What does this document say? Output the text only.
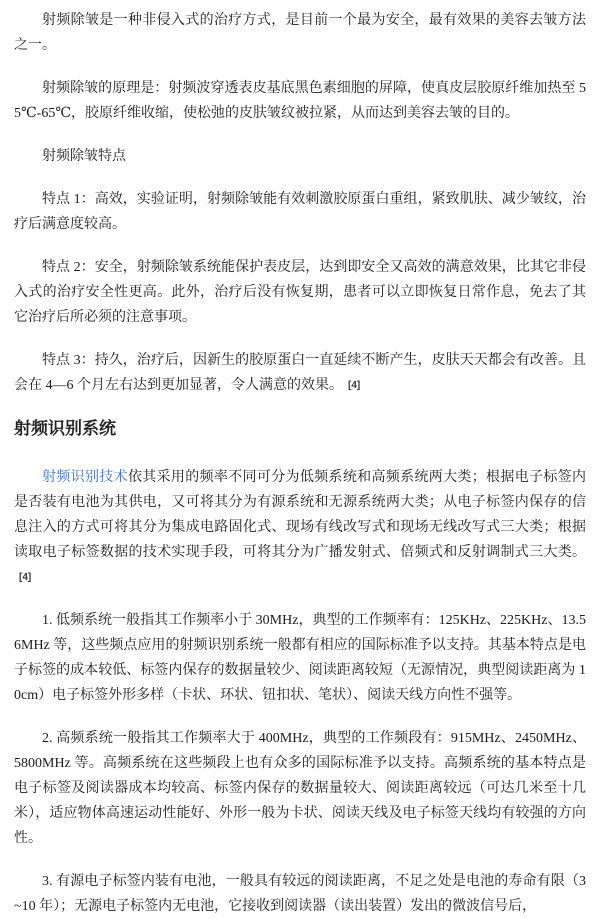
射频除皱是一种非侵入式的治疗方式，是目前一个最为安全，最有效果的美容去皱方法之一。

射频除皱的原理是：射频波穿透表皮基底黑色素细胞的屏障，使真皮层胶原纤维加热至 55℃-65℃，胶原纤维收缩，使松弛的皮肤皱纹被拉紧，从而达到美容去皱的目的。

射频除皱特点

特点 1：高效，实验证明，射频除皱能有效刺激胶原蛋白重组，紧致肌肤、减少皱纹，治疗后满意度较高。

特点 2：安全，射频除皱系统能保护表皮层，达到即安全又高效的满意效果，比其它非侵入式的治疗安全性更高。此外，治疗后没有恢复期，患者可以立即恢复日常作息，免去了其它治疗后所必须的注意事项。

特点 3：持久，治疗后，因新生的胶原蛋白一直延续不断产生，皮肤天天都会有改善。且会在 4—6 个月左右达到更加显著，令人满意的效果。 [4]

射频识别系统

射频识别技术依其采用的频率不同可分为低频系统和高频系统两大类；根据电子标签内是否装有电池为其供电，又可将其分为有源系统和无源系统两大类；从电子标签内保存的信息注入的方式可将其分为集成电路固化式、现场有线改写式和现场无线改写式三大类；根据读取电子标签数据的技术实现手段，可将其分为广播发射式、倍频式和反射调制式三大类。[4]

1. 低频系统一般指其工作频率小于 30MHz，典型的工作频率有：125KHz、225KHz、13.56MHz 等，这些频点应用的射频识别系统一般都有相应的国际标准予以支持。其基本特点是电子标签的成本较低、标签内保存的数据量较少、阅读距离较短（无源情况，典型阅读距离为 10cm）电子标签外形多样（卡状、环状、钮扣状、笔状）、阅读天线方向性不强等。

2. 高频系统一般指其工作频率大于 400MHz，典型的工作频段有：915MHz、2450MHz、5800MHz 等。高频系统在这些频段上也有众多的国际标准予以支持。高频系统的基本特点是电子标签及阅读器成本均较高、标签内保存的数据量较大、阅读距离较远（可达几米至十几米），适应物体高速运动性能好、外形一般为卡状、阅读天线及电子标签天线均有较强的方向性。

3. 有源电子标签内装有电池，一般具有较远的阅读距离，不足之处是电池的寿命有限（3~10 年）；无源电子标签内无电池，它接收到阅读器（读出装置）发出的微波信号后，
